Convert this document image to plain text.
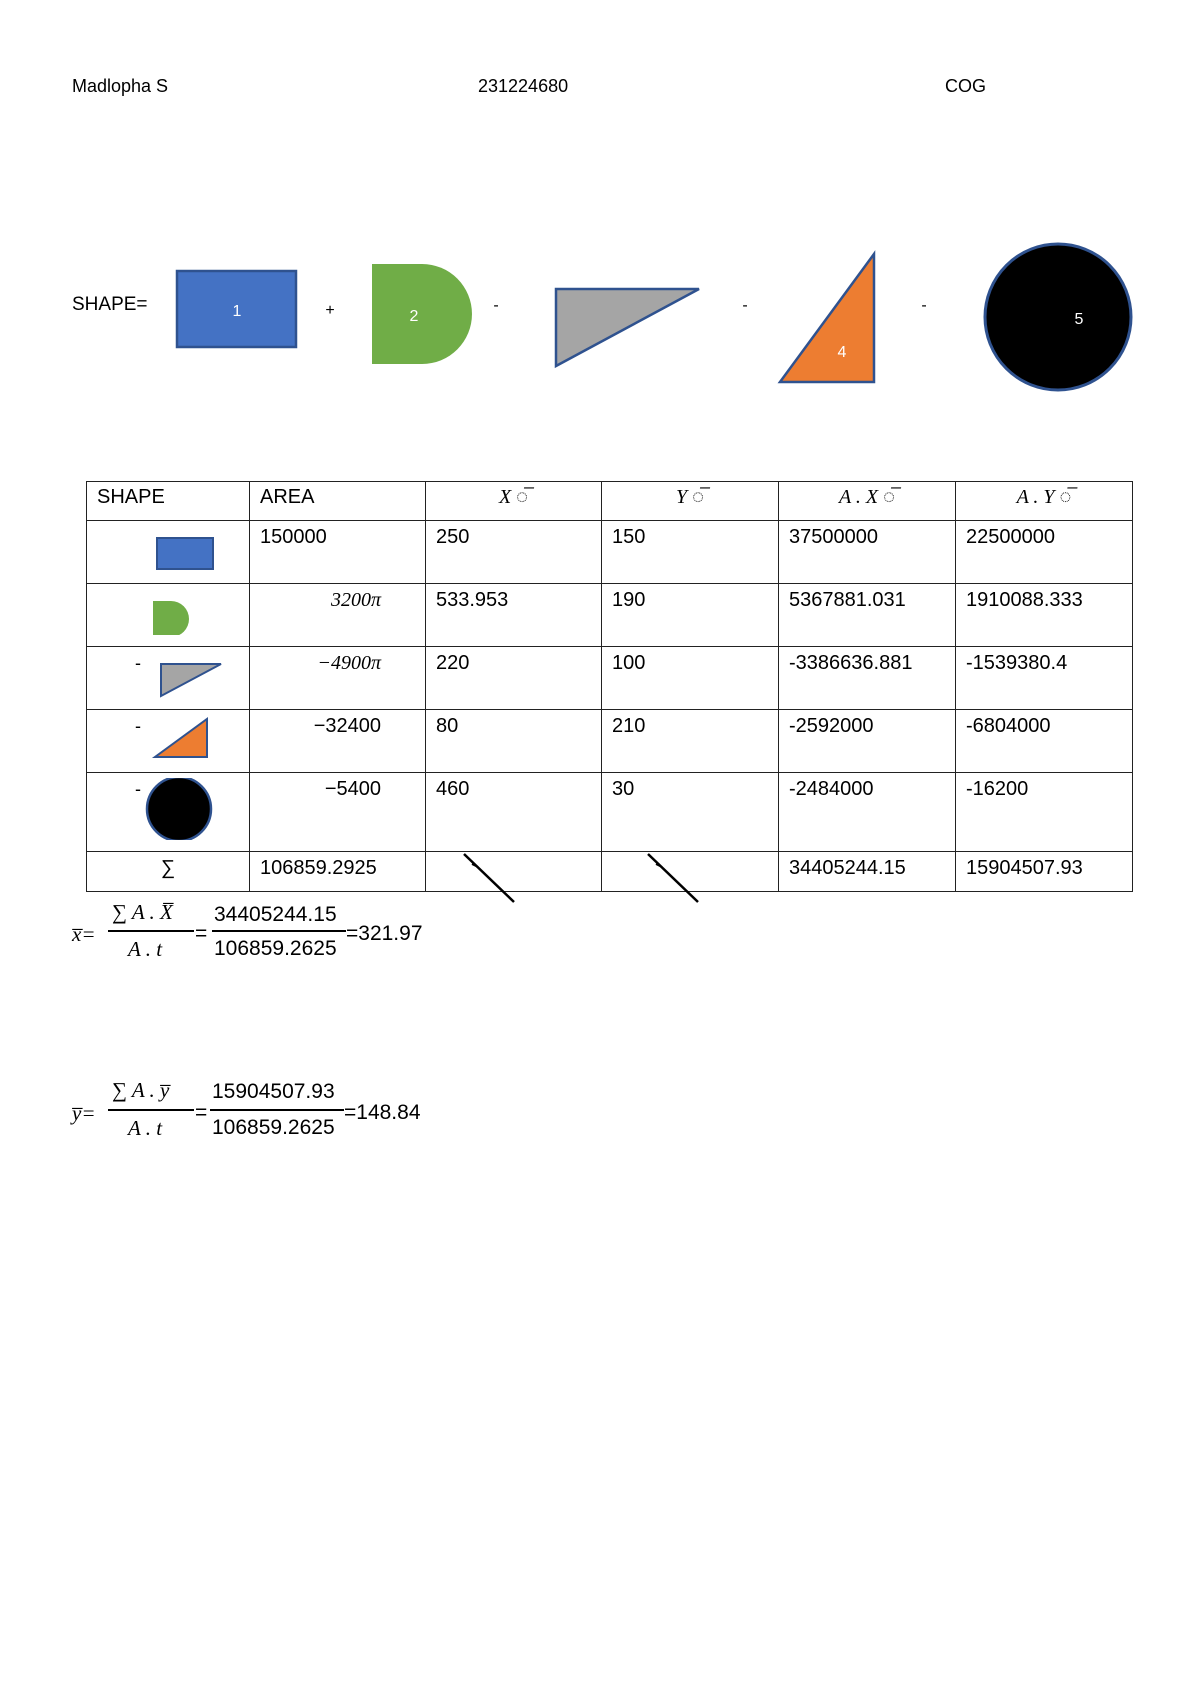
Madlopha S	231224680	COG
SHAPE=	1	+	2
-	-
4
-
5
SHAPE	AREA	X ◌̅	Y ◌̅	A . X ◌̅	A . Y ◌̅
	150000	250	150	37500000	22500000
	3200π	533.953	190	5367881.031	1910088.333

-	−4900π	220	100	-3386636.881	-1539380.4

-	−32400	80	210	-2592000	-6804000

-	−5400	460	30	-2484000	-16200
∑	106859.2925			34405244.15	15904507.93
x̅=
∑ A . X̅
A . t
=
34405244.15
106859.2625
=321.97
y̅=
∑ A . y̅
A . t
=
15904507.93
106859.2625
=148.84
